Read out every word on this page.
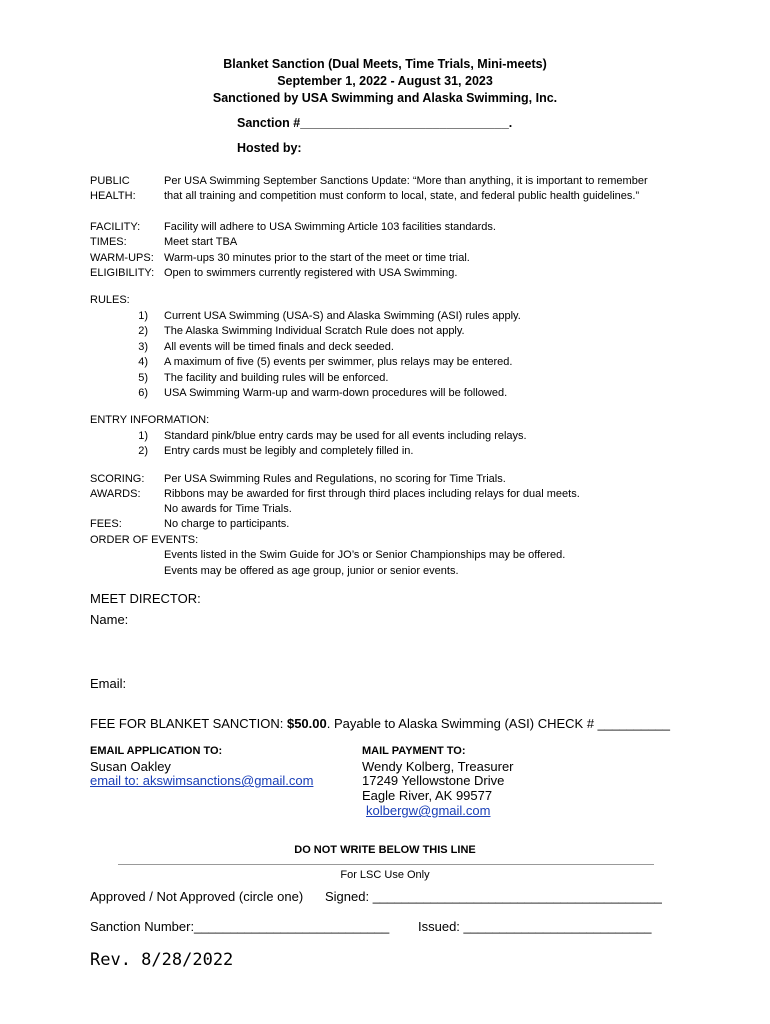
Blanket Sanction (Dual Meets, Time Trials, Mini-meets)
September 1, 2022 - August 31, 2023
Sanctioned by USA Swimming and Alaska Swimming, Inc.
Sanction #______________________________.
Hosted by:
PUBLIC
HEALTH:
Per USA Swimming September Sanctions Update: “More than anything, it is important to remember
that all training and competition must conform to local, state, and federal public health guidelines.”
FACILITY: Facility will adhere to USA Swimming Article 103 facilities standards.
TIMES:	Meet start TBA
WARM-UPS: Warm-ups 30 minutes prior to the start of the meet or time trial.
ELIGIBILITY: Open to swimmers currently registered with USA Swimming.
RULES:
1) Current USA Swimming (USA-S) and Alaska Swimming (ASI) rules apply.
2) The Alaska Swimming Individual Scratch Rule does not apply.
3) All events will be timed finals and deck seeded.
4) A maximum of five (5) events per swimmer, plus relays may be entered.
5) The facility and building rules will be enforced.
6) USA Swimming Warm-up and warm-down procedures will be followed.
ENTRY INFORMATION:
1) Standard pink/blue entry cards may be used for all events including relays.
2) Entry cards must be legibly and completely filled in.
SCORING: Per USA Swimming Rules and Regulations, no scoring for Time Trials.
AWARDS: Ribbons may be awarded for first through third places including relays for dual meets.
No awards for Time Trials.
FEES:	No charge to participants.
ORDER OF EVENTS:
Events listed in the Swim Guide for JO’s or Senior Championships may be offered.
Events may be offered as age group, junior or senior events.
MEET DIRECTOR:
Name:
Email:
FEE FOR BLANKET SANCTION: $50.00. Payable to Alaska Swimming (ASI) CHECK # __________
EMAIL APPLICATION TO:
Susan Oakley
email to: akswimsanctions@gmail.com
MAIL PAYMENT TO:
Wendy Kolberg, Treasurer
17249 Yellowstone Drive
Eagle River, AK 99577
kolbergw@gmail.com
DO NOT WRITE BELOW THIS LINE
For LSC Use Only
Approved / Not Approved (circle one) Signed: ________________________________________
Sanction Number:___________________________ Issued: __________________________
Rev. 8/28/2022
